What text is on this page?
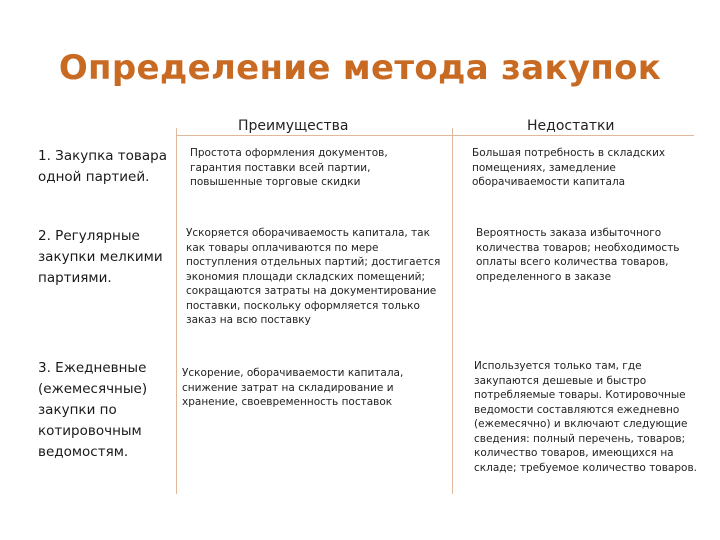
Определение метода закупок
Преимущества	Недостатки
1. Закупка товара одной партией.
Простота оформления документов, гарантия поставки всей партии, повышенные торговые скидки
Большая потребность в складских помещениях, замедление оборачиваемости капитала
2. Регулярные закупки мелкими партиями.
Ускоряется оборачиваемость капитала, так как товары оплачиваются по мере поступления отдельных партий; достигается экономия площади складских помещений; сокращаются затраты на документирование поставки, поскольку оформляется только заказ на всю поставку
Вероятность заказа избыточного количества товаров; необходимость оплаты всего количества товаров, определенного в заказе
3. Ежедневные (ежемесячные) закупки по котировочным ведомостям.
Ускорение, оборачиваемости капитала, снижение затрат на складирование и хранение, своевременность поставок
Используется только там, где закупаются дешевые и быстро потребляемые товары. Котировочные ведомости составляются ежедневно (ежемесячно) и включают следующие сведения: полный перечень, товаров; количество товаров, имеющихся на складе; требуемое количество товаров.
